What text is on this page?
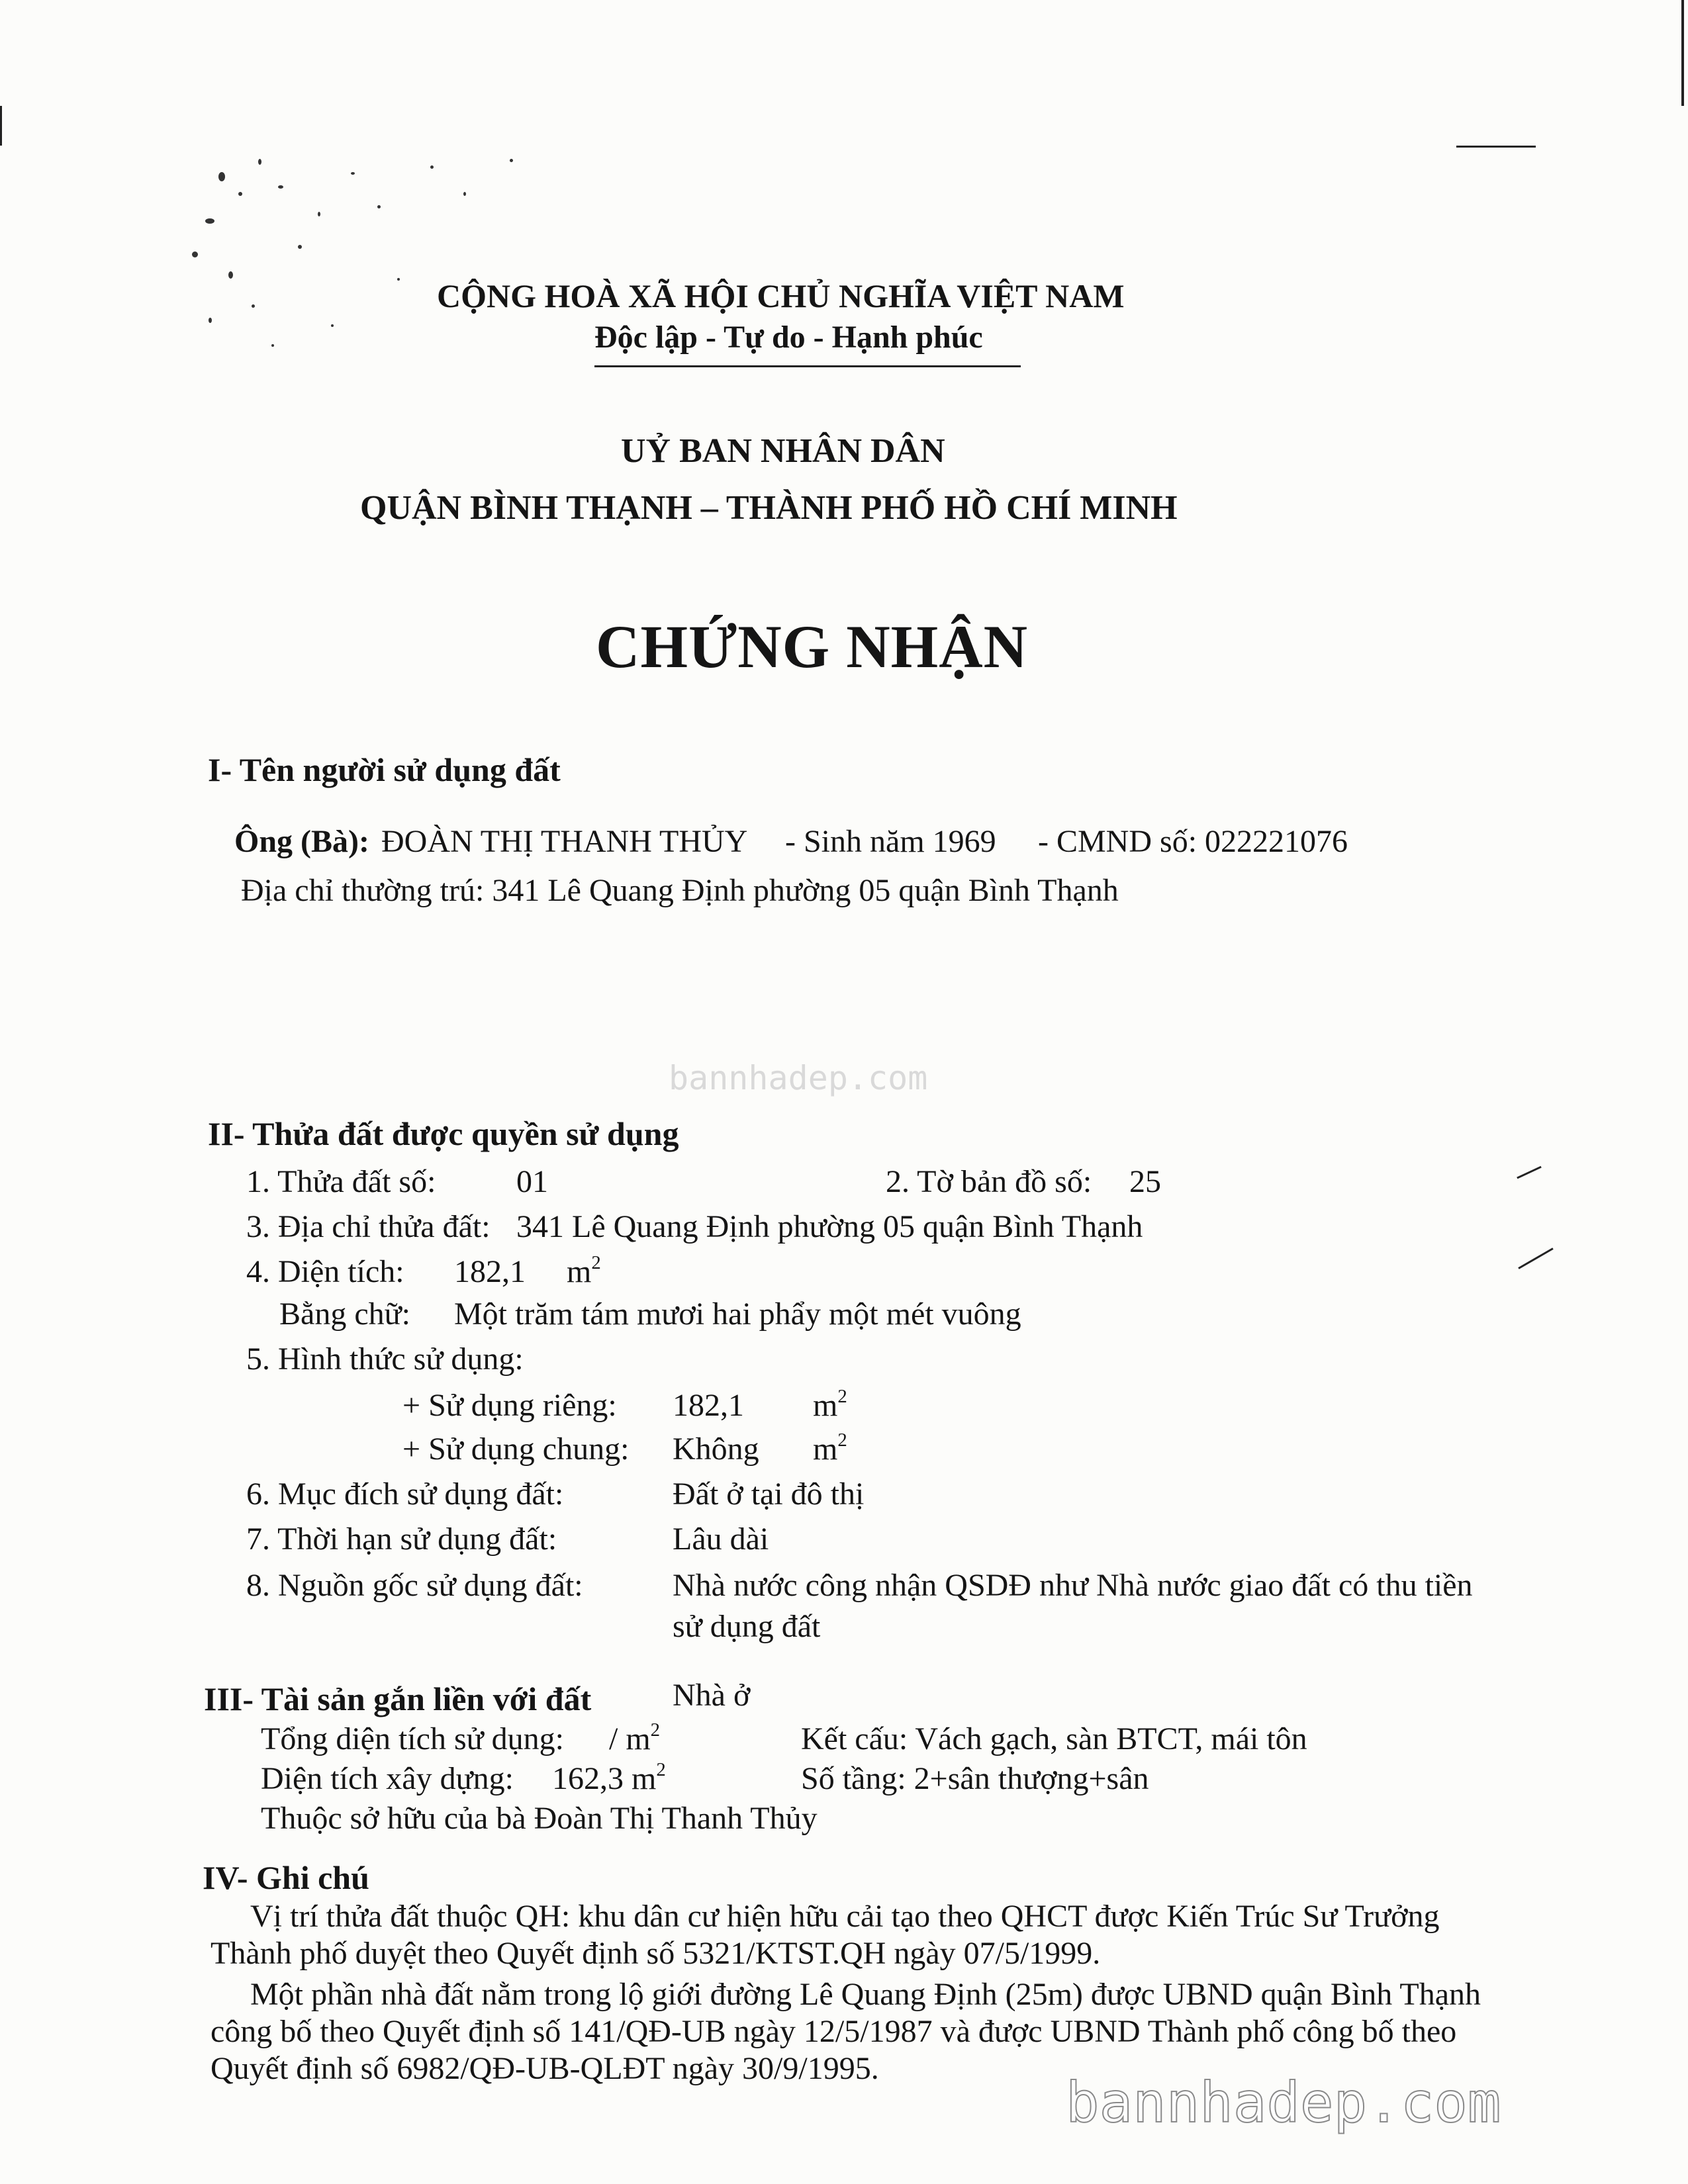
CỘNG HOÀ XÃ HỘI CHỦ NGHĨA VIỆT NAM
Độc lập - Tự do - Hạnh phúc
UỶ BAN NHÂN DÂN
QUẬN BÌNH THẠNH – THÀNH PHỐ HỒ CHÍ MINH
CHỨNG NHẬN
I- Tên người sử dụng đất
Ông (Bà): ĐOÀN THỊ THANH THỦY - Sinh năm 1969 - CMND số: 022221076
Địa chỉ thường trú: 341 Lê Quang Định phường 05 quận Bình Thạnh
bannhadep.com
II- Thửa đất được quyền sử dụng
1. Thửa đất số:	01	2. Tờ bản đồ số: 25
3. Địa chỉ thửa đất: 341 Lê Quang Định phường 05 quận Bình Thạnh
4. Diện tích: 182,1 $m^2$
Bằng chữ: Một trăm tám mươi hai phẩy một mét vuông
5. Hình thức sử dụng:
+ Sử dụng riêng: 182,1 $m^2$
+ Sử dụng chung: Không $m^2$
6. Mục đích sử dụng đất:	Đất ở tại đô thị
7. Thời hạn sử dụng đất:	Lâu dài
8. Nguồn gốc sử dụng đất:	Nhà nước công nhận QSDĐ như Nhà nước giao đất có thu tiền
sử dụng đất
III- Tài sản gắn liền với đất	Nhà ở
Tổng diện tích sử dụng: / $m^2$	Kết cấu: Vách gạch, sàn BTCT, mái tôn
Diện tích xây dựng: 162,3 $m^2$	Số tầng: 2+sân thượng+sân
Thuộc sở hữu của bà Đoàn Thị Thanh Thủy
IV- Ghi chú
Vị trí thửa đất thuộc QH: khu dân cư hiện hữu cải tạo theo QHCT được Kiến Trúc Sư Trưởng
Thành phố duyệt theo Quyết định số 5321/KTST.QH ngày 07/5/1999.
Một phần nhà đất nằm trong lộ giới đường Lê Quang Định (25m) được UBND quận Bình Thạnh
công bố theo Quyết định số 141/QĐ-UB ngày 12/5/1987 và được UBND Thành phố công bố theo
Quyết định số 6982/QĐ-UB-QLĐT ngày 30/9/1995.
bannhadep.com
